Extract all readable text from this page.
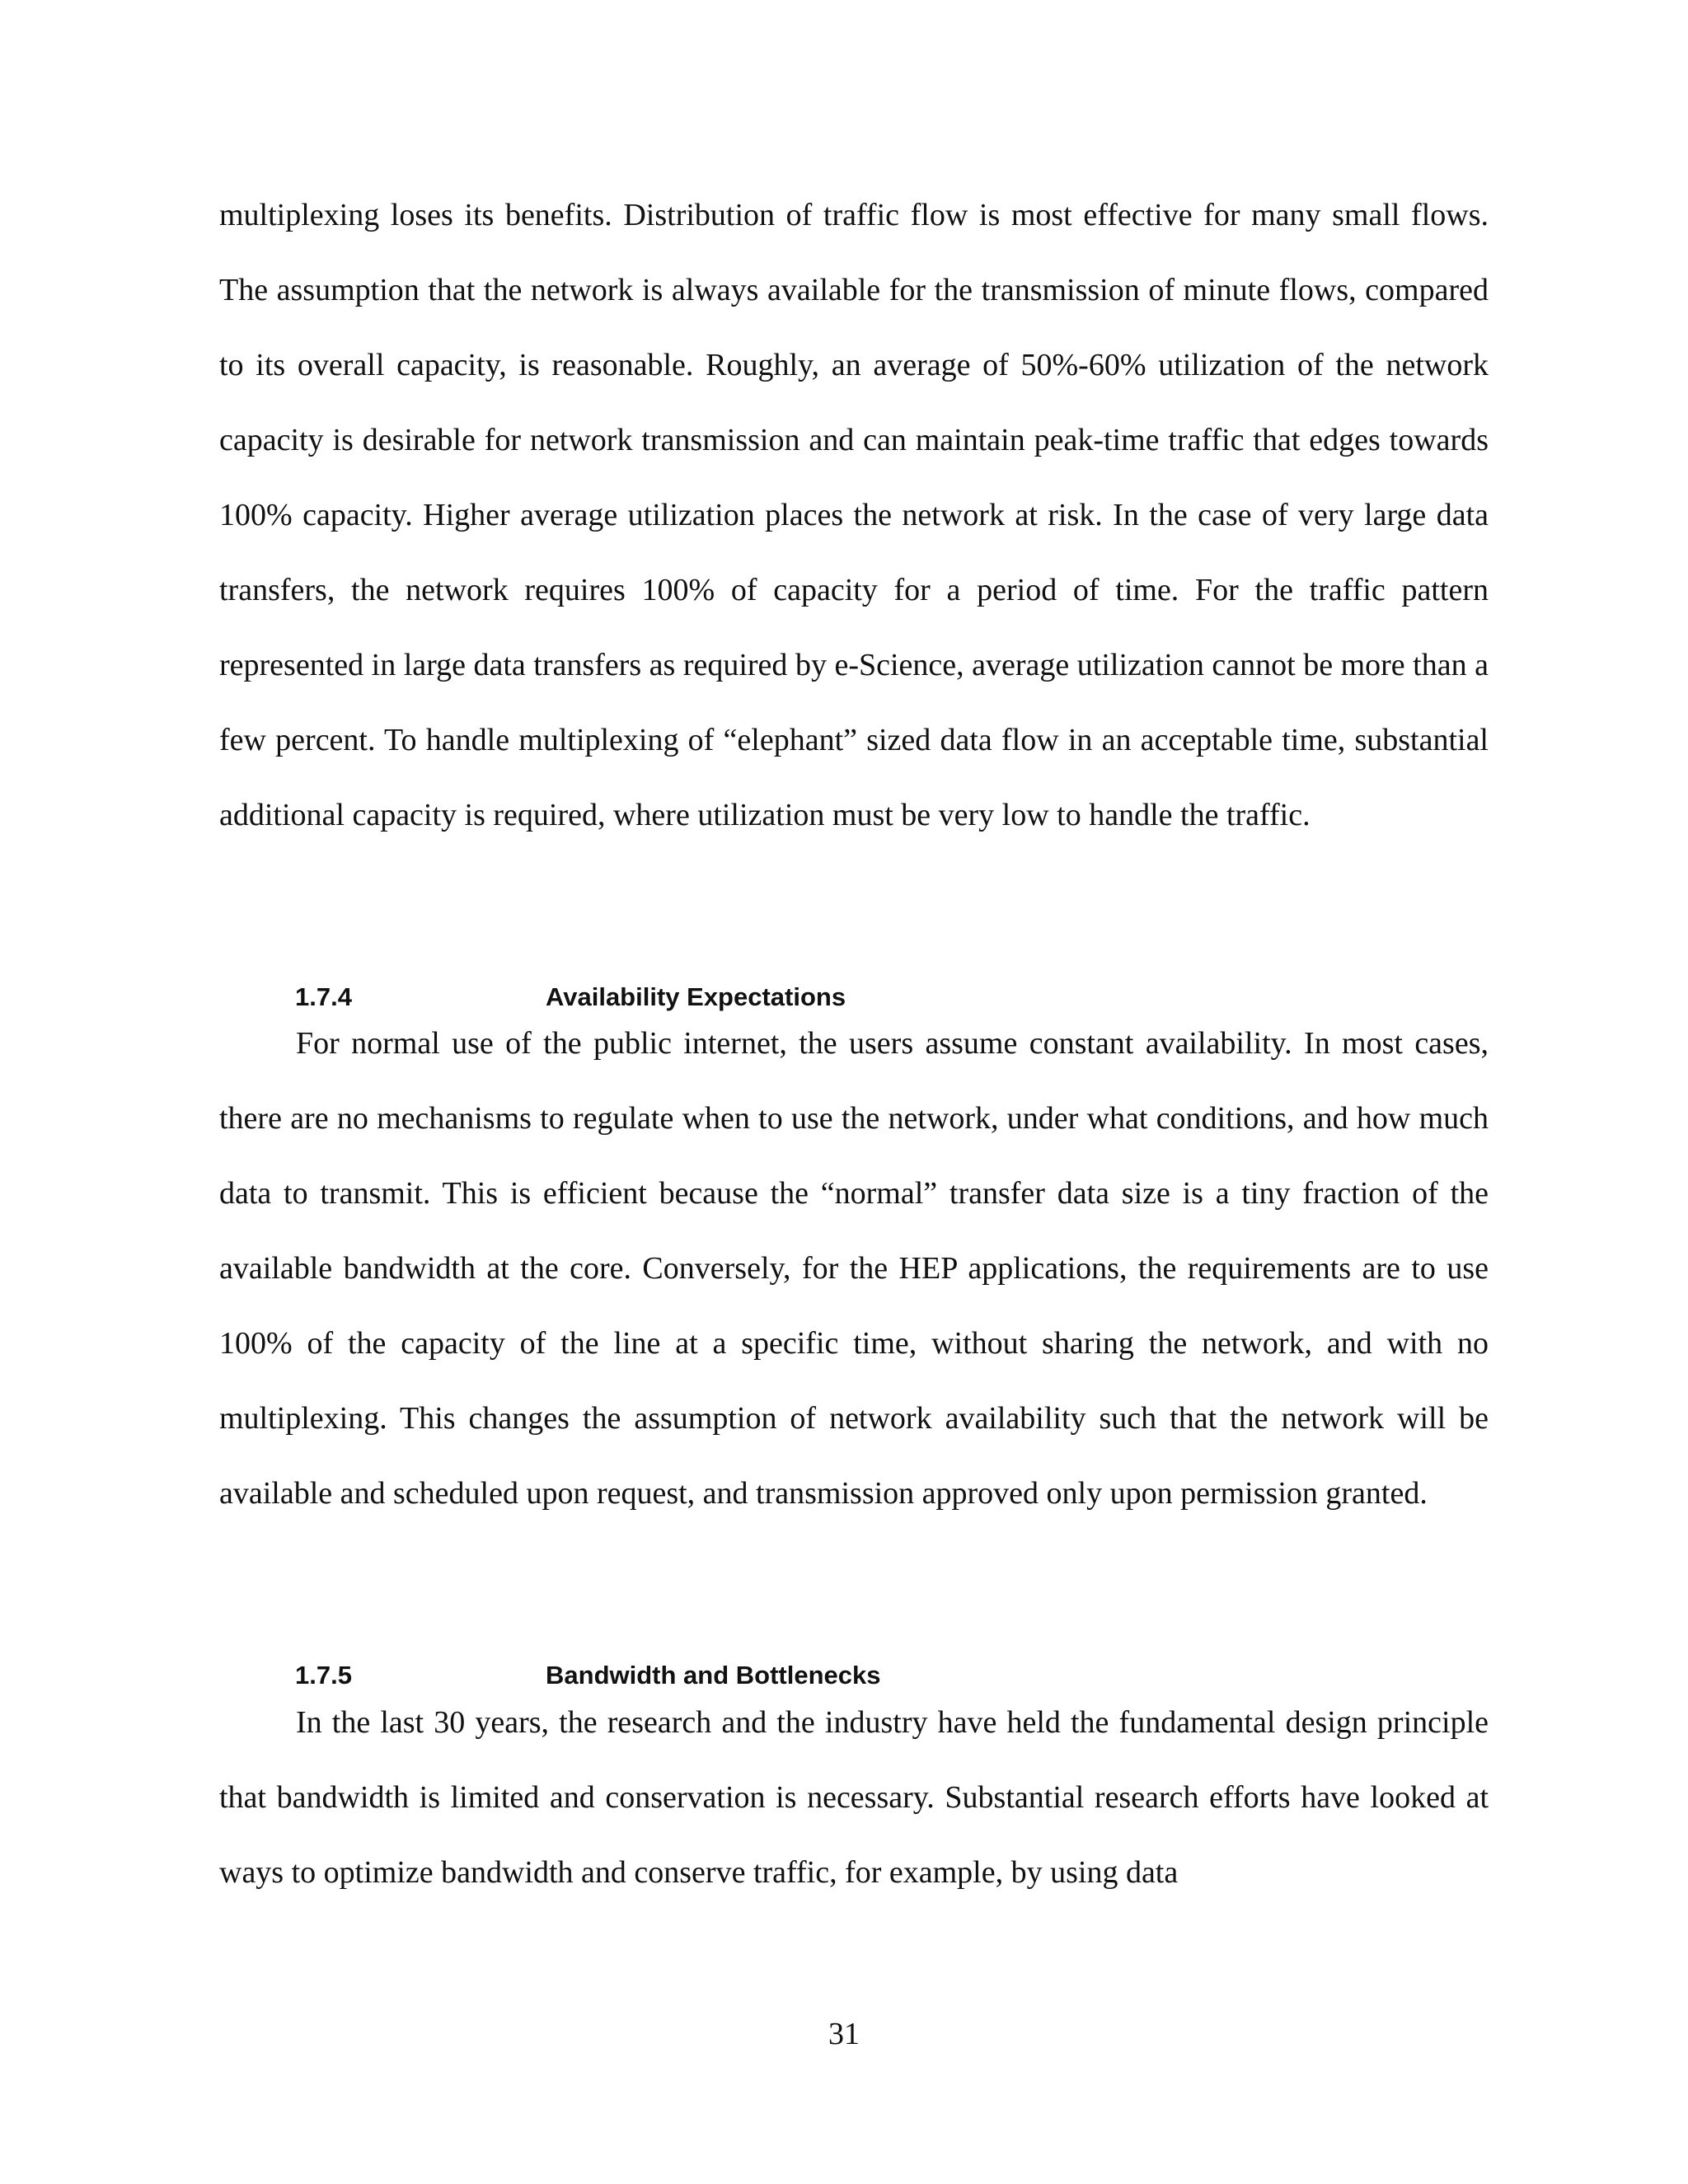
multiplexing loses its benefits. Distribution of traffic flow is most effective for many small flows. The assumption that the network is always available for the transmission of minute flows, compared to its overall capacity, is reasonable. Roughly, an average of 50%-60% utilization of the network capacity is desirable for network transmission and can maintain peak-time traffic that edges towards 100% capacity. Higher average utilization places the network at risk. In the case of very large data transfers, the network requires 100% of capacity for a period of time. For the traffic pattern represented in large data transfers as required by e-Science, average utilization cannot be more than a few percent. To handle multiplexing of “elephant” sized data flow in an acceptable time, substantial additional capacity is required, where utilization must be very low to handle the traffic.

1.7.4	Availability Expectations

For normal use of the public internet, the users assume constant availability. In most cases, there are no mechanisms to regulate when to use the network, under what conditions, and how much data to transmit. This is efficient because the “normal” transfer data size is a tiny fraction of the available bandwidth at the core. Conversely, for the HEP applications, the requirements are to use 100% of the capacity of the line at a specific time, without sharing the network, and with no multiplexing. This changes the assumption of network availability such that the network will be available and scheduled upon request, and transmission approved only upon permission granted.

1.7.5	Bandwidth and Bottlenecks

In the last 30 years, the research and the industry have held the fundamental design principle that bandwidth is limited and conservation is necessary. Substantial research efforts have looked at ways to optimize bandwidth and conserve traffic, for example, by using data

31
